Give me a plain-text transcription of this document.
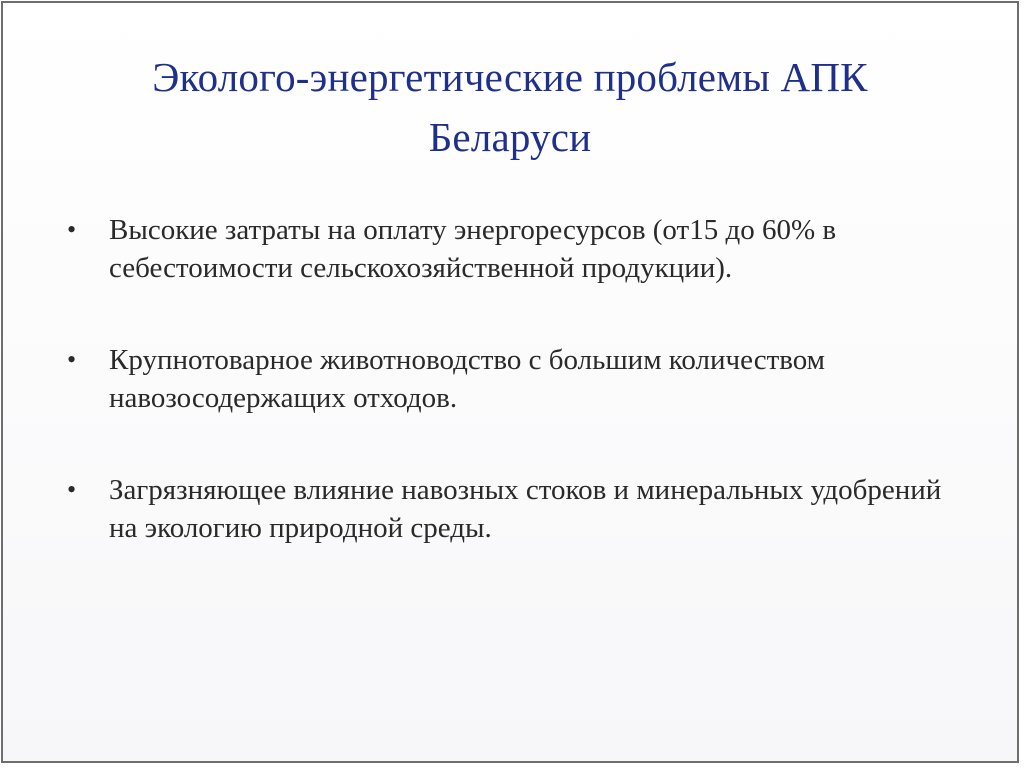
Эколого-энергетические проблемы АПК
Беларуси
•	Высокие затраты на оплату энергоресурсов (от15 до 60% в себестоимости сельскохозяйственной продукции).
•	Крупнотоварное животноводство с большим количеством навозосодержащих отходов.
•	Загрязняющее влияние навозных стоков и минеральных удобрений на экологию природной среды.
